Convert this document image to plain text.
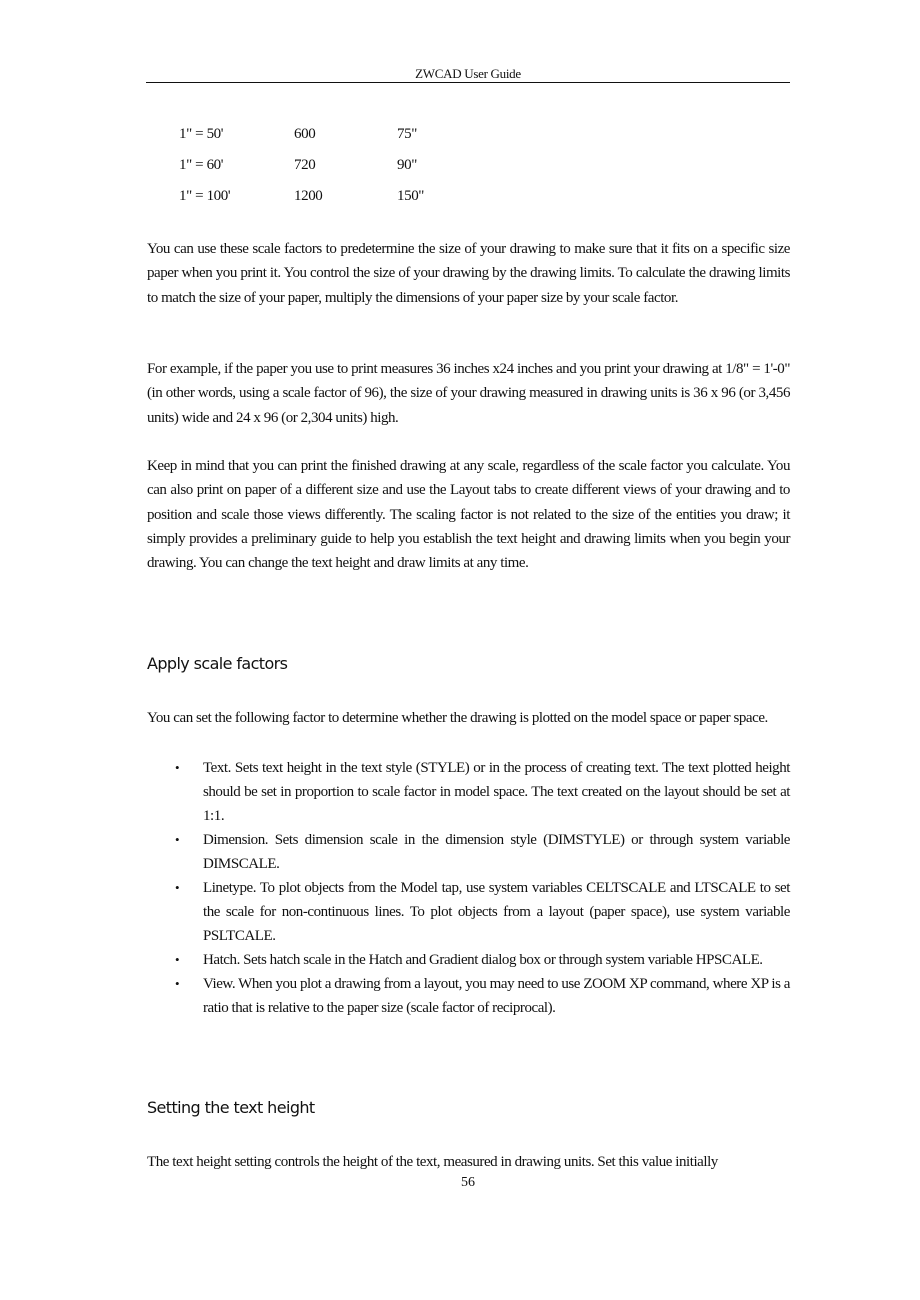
ZWCAD User Guide
1" = 50'	600	75"
1" = 60'	720	90"
1" = 100'	1200	150"

You can use these scale factors to predetermine the size of your drawing to make sure that it fits on a specific size paper when you print it. You control the size of your drawing by the drawing limits. To calculate the drawing limits to match the size of your paper, multiply the dimensions of your paper size by your scale factor.

For example, if the paper you use to print measures 36 inches x24 inches and you print your drawing at 1/8" = 1'-0" (in other words, using a scale factor of 96), the size of your drawing measured in drawing units is 36 x 96 (or 3,456 units) wide and 24 x 96 (or 2,304 units) high.

Keep in mind that you can print the finished drawing at any scale, regardless of the scale factor you calculate. You can also print on paper of a different size and use the Layout tabs to create different views of your drawing and to position and scale those views differently. The scaling factor is not related to the size of the entities you draw; it simply provides a preliminary guide to help you establish the text height and drawing limits when you begin your drawing. You can change the text height and draw limits at any time.

Apply scale factors

You can set the following factor to determine whether the drawing is plotted on the model space or paper space.

• Text. Sets text height in the text style (STYLE) or in the process of creating text. The text plotted height should be set in proportion to scale factor in model space. The text created on the layout should be set at 1:1.
• Dimension. Sets dimension scale in the dimension style (DIMSTYLE) or through system variable DIMSCALE.
• Linetype. To plot objects from the Model tap, use system variables CELTSCALE and LTSCALE to set the scale for non-continuous lines. To plot objects from a layout (paper space), use system variable PSLTCALE.
• Hatch. Sets hatch scale in the Hatch and Gradient dialog box or through system variable HPSCALE.
• View. When you plot a drawing from a layout, you may need to use ZOOM XP command, where XP is a ratio that is relative to the paper size (scale factor of reciprocal).
Setting the text height

The text height setting controls the height of the text, measured in drawing units. Set this value initially

56
